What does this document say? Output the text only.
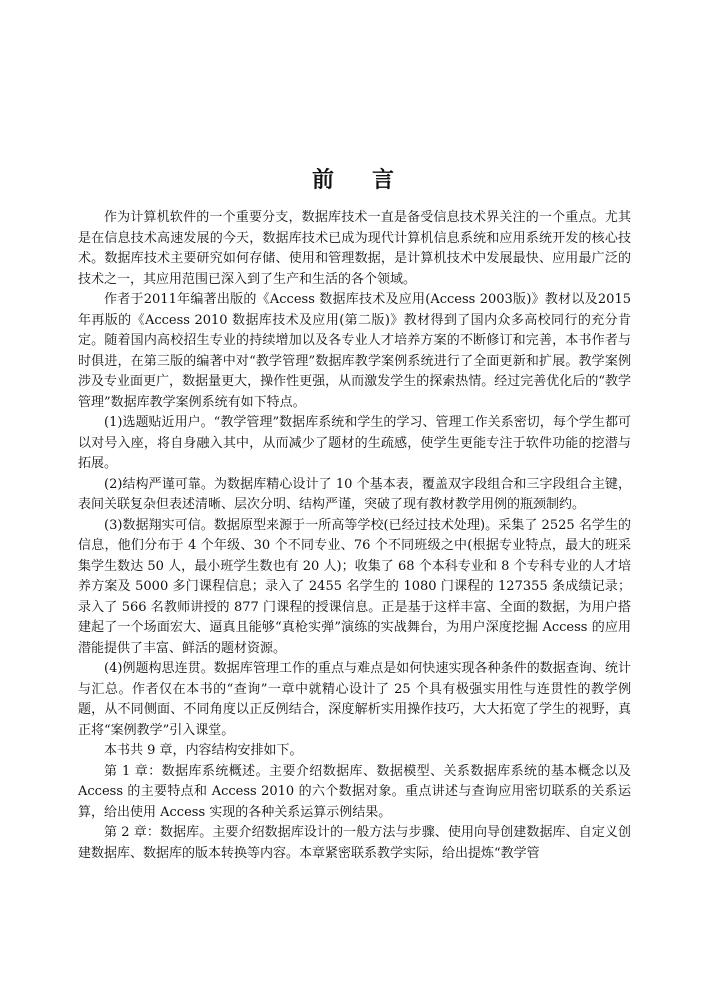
前言

作为计算机软件的一个重要分支，数据库技术一直是备受信息技术界关注的一个重点。尤其是在信息技术高速发展的今天，数据库技术已成为现代计算机信息系统和应用系统开发的核心技术。数据库技术主要研究如何存储、使用和管理数据，是计算机技术中发展最快、应用最广泛的技术之一，其应用范围已深入到了生产和生活的各个领域。

作者于2011年编著出版的《Access 数据库技术及应用(Access 2003版)》教材以及2015年再版的《Access 2010 数据库技术及应用(第二版)》教材得到了国内众多高校同行的充分肯定。随着国内高校招生专业的持续增加以及各专业人才培养方案的不断修订和完善，本书作者与时俱进，在第三版的编著中对“教学管理”数据库教学案例系统进行了全面更新和扩展。教学案例涉及专业面更广，数据量更大，操作性更强，从而激发学生的探索热情。经过完善优化后的“教学管理”数据库教学案例系统有如下特点。

(1)选题贴近用户。“教学管理”数据库系统和学生的学习、管理工作关系密切，每个学生都可以对号入座，将自身融入其中，从而减少了题材的生疏感，使学生更能专注于软件功能的挖潜与拓展。

(2)结构严谨可靠。为数据库精心设计了 10 个基本表，覆盖双字段组合和三字段组合主键，表间关联复杂但表述清晰、层次分明、结构严谨，突破了现有教材教学用例的瓶颈制约。

(3)数据翔实可信。数据原型来源于一所高等学校(已经过技术处理)。采集了 2525 名学生的信息，他们分布于 4 个年级、30 个不同专业、76 个不同班级之中(根据专业特点，最大的班采集学生数达 50 人，最小班学生数也有 20 人)；收集了 68 个本科专业和 8 个专科专业的人才培养方案及 5000 多门课程信息；录入了 2455 名学生的 1080 门课程的 127355 条成绩记录；录入了 566 名教师讲授的 877 门课程的授课信息。正是基于这样丰富、全面的数据，为用户搭建起了一个场面宏大、逼真且能够“真枪实弹”演练的实战舞台，为用户深度挖掘 Access 的应用潜能提供了丰富、鲜活的题材资源。

(4)例题构思连贯。数据库管理工作的重点与难点是如何快速实现各种条件的数据查询、统计与汇总。作者仅在本书的“查询”一章中就精心设计了 25 个具有极强实用性与连贯性的教学例题，从不同侧面、不同角度以正反例结合，深度解析实用操作技巧，大大拓宽了学生的视野，真正将“案例教学”引入课堂。

本书共 9 章，内容结构安排如下。

第 1 章：数据库系统概述。主要介绍数据库、数据模型、关系数据库系统的基本概念以及 Access 的主要特点和 Access 2010 的六个数据对象。重点讲述与查询应用密切联系的关系运算，给出使用 Access 实现的各种关系运算示例结果。

第 2 章：数据库。主要介绍数据库设计的一般方法与步骤、使用向导创建数据库、自定义创建数据库、数据库的版本转换等内容。本章紧密联系教学实际，给出提炼“教学管
